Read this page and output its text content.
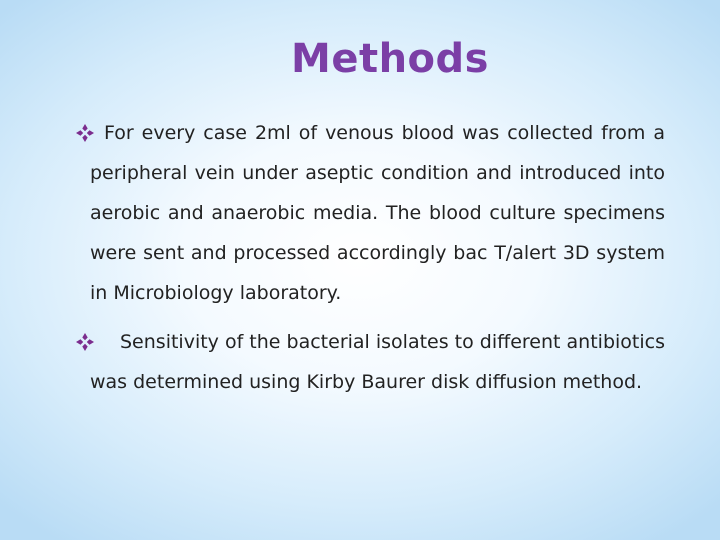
Methods
For every case 2ml of venous blood was collected from a peripheral vein under aseptic condition and introduced into aerobic and anaerobic media. The blood culture specimens were sent and processed accordingly bac T/alert 3D system in Microbiology laboratory.
Sensitivity of the bacterial isolates to different antibiotics was determined using Kirby Baurer disk diffusion method.
